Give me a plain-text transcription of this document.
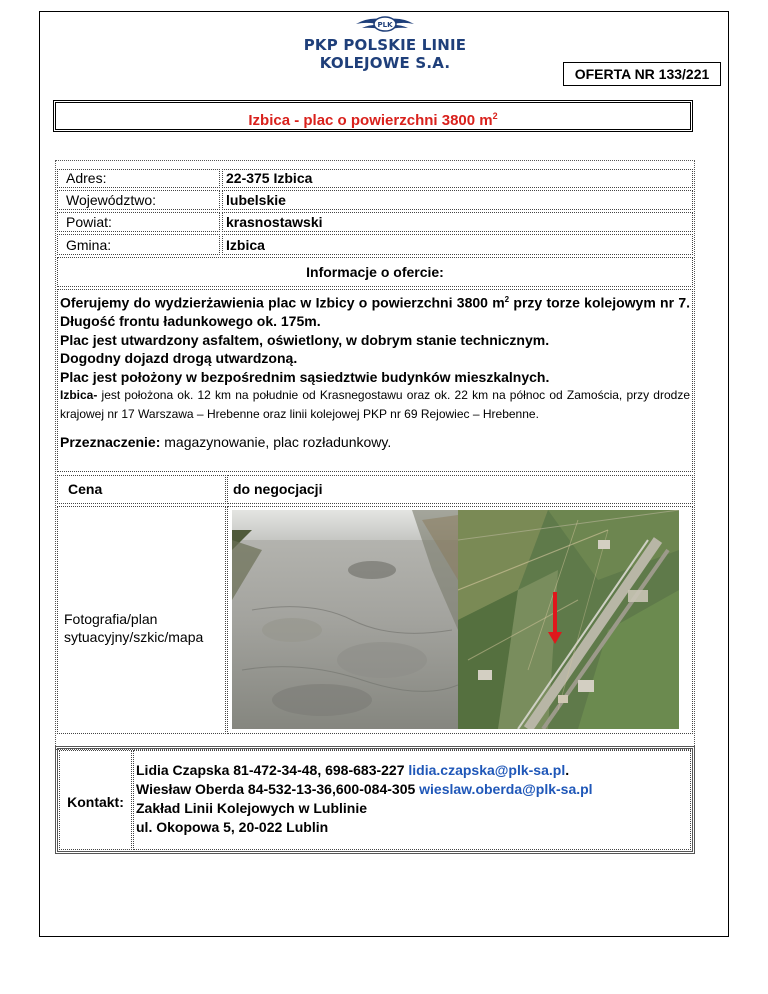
PLK
PKP POLSKIE LINIE KOLEJOWE S.A.
OFERTA NR 133/221
Izbica - plac o powierzchni 3800 $m^2$
Adres:	22-375 Izbica
Województwo:	lubelskie
Powiat:	krasnostawski
Gmina:	Izbica
Informacje o ofercie:

Oferujemy do wydzierżawienia plac w Izbicy o powierzchni 3800 $m^2$ przy torze kolejowym nr 7. Długość frontu ładunkowego ok. 175m.

Plac jest utwardzony asfaltem, oświetlony, w dobrym stanie technicznym.

Dogodny dojazd drogą utwardzoną.

Plac jest położony w bezpośrednim sąsiedztwie budynków mieszkalnych.

Izbica- jest położona ok. 12 km na południe od Krasnegostawu oraz ok. 22 km na północ od Zamościa, przy drodze krajowej nr 17 Warszawa – Hrebenne oraz linii kolejowej PKP nr 69 Rejowiec – Hrebenne.

Przeznaczenie: magazynowanie, plac rozładunkowy.

Cena	do negocjacji
Fotografia/plan sytuacyjny/szkic/mapa
Kontakt:
Lidia Czapska 81-472-34-48, 698-683-227 lidia.czapska@plk-sa.pl.
Wiesław Oberda 84-532-13-36,600-084-305 wieslaw.oberda@plk-sa.pl
Zakład Linii Kolejowych w Lublinie
ul. Okopowa 5, 20-022 Lublin
